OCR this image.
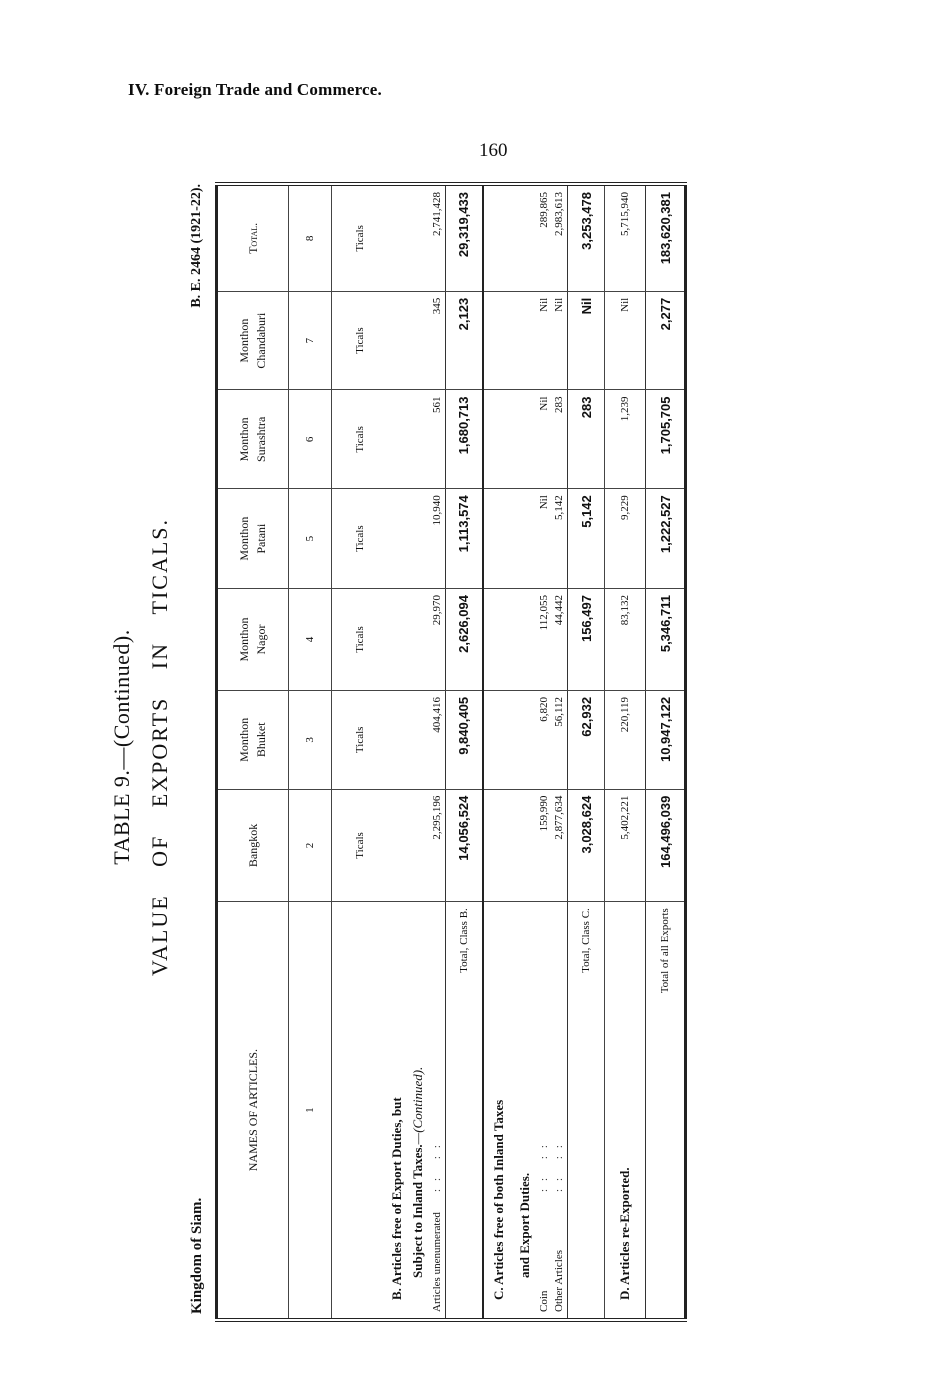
IV. Foreign Trade and Commerce.
160
TABLE 9.—(Continued).
VALUE OF EXPORTS IN TICALS.
Kingdom of Siam.
B. E. 2464 (1921-22).
NAMES OF ARTICLES.	Bangkok	Monthon Bhuket	Monthon Nagor	Monthon Patani	Monthon Surashtra	Monthon Chandaburi	Total.
1	2	3	4	5	6	7	8
	Ticals	Ticals	Ticals	Ticals	Ticals	Ticals	Ticals
B. Articles free of Export Duties, but							
Subject to Inland Taxes.—(Continued).							
Articles unenumerated:: ::	2,295,196	404,416	29,970	10,940	561	345	2,741,428
Total, Class B.	14,056,524	9,840,405	2,626,094	1,113,574	1,680,713	2,123	29,319,433
C. Articles free of both Inland Taxes							
and Export Duties.							
Coin:: ::	159,990	6,820	112,055	Nil	Nil	Nil	289,865
Other Articles:: ::	2,877,634	56,112	44,442	5,142	283	Nil	2,983,613
Total, Class C.	3,028,624	62,932	156,497	5,142	283	Nil	3,253,478
D. Articles re-Exported.	5,402,221	220,119	83,132	9,229	1,239	Nil	5,715,940
Total of all Exports	164,496,039	10,947,122	5,346,711	1,222,527	1,705,705	2,277	183,620,381
